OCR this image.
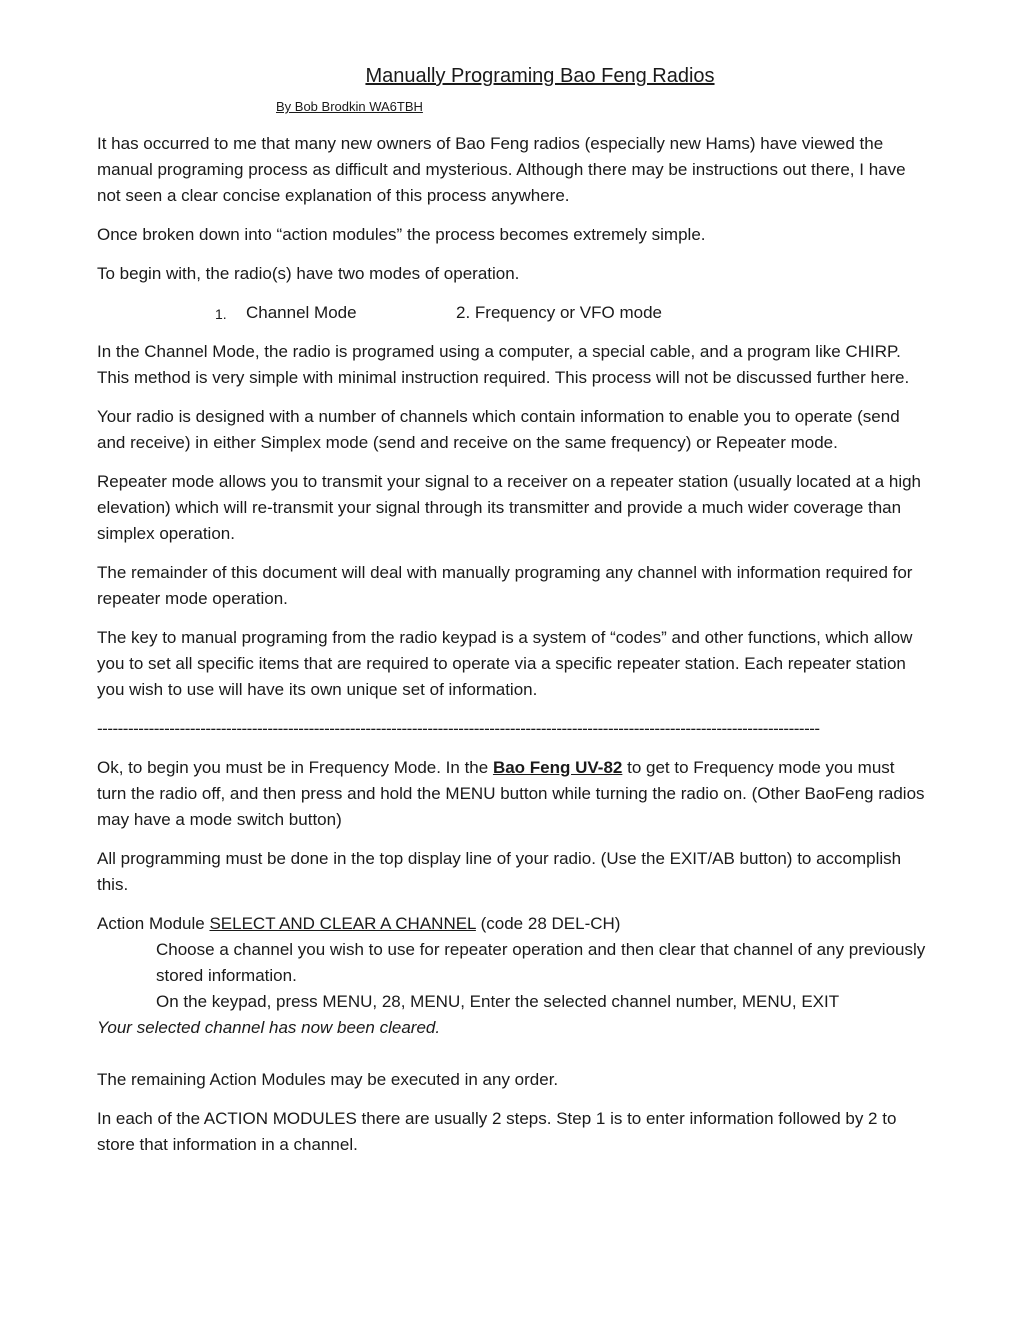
Manually Programing Bao Feng Radios
By Bob Brodkin WA6TBH

It has occurred to me that many new owners of Bao Feng radios (especially new Hams) have viewed the manual programing process as difficult and mysterious. Although there may be instructions out there, I have not seen a clear concise explanation of this process anywhere.

Once broken down into “action modules” the process becomes extremely simple.

To begin with, the radio(s) have two modes of operation.

1. Channel Mode	2. Frequency or VFO mode

In the Channel Mode, the radio is programed using a computer, a special cable, and a program like CHIRP. This method is very simple with minimal instruction required. This process will not be discussed further here.

Your radio is designed with a number of channels which contain information to enable you to operate (send and receive) in either Simplex mode (send and receive on the same frequency) or Repeater mode.

Repeater mode allows you to transmit your signal to a receiver on a repeater station (usually located at a high elevation) which will re-transmit your signal through its transmitter and provide a much wider coverage than simplex operation.

The remainder of this document will deal with manually programing any channel with information required for repeater mode operation.

The key to manual programing from the radio keypad is a system of “codes” and other functions, which allow you to set all specific items that are required to operate via a specific repeater station. Each repeater station you wish to use will have its own unique set of information.

--------------------------------------------------------------------------------------------------------------------------------------------

Ok, to begin you must be in Frequency Mode. In the Bao Feng UV-82 to get to Frequency mode you must turn the radio off, and then press and hold the MENU button while turning the radio on. (Other BaoFeng radios may have a mode switch button)

All programming must be done in the top display line of your radio. (Use the EXIT/AB button) to accomplish this.

Action Module SELECT AND CLEAR A CHANNEL (code 28 DEL-CH)
Choose a channel you wish to use for repeater operation and then clear that channel of any previously stored information.
On the keypad, press MENU, 28, MENU, Enter the selected channel number, MENU, EXIT
Your selected channel has now been cleared.

The remaining Action Modules may be executed in any order.

In each of the ACTION MODULES there are usually 2 steps. Step 1 is to enter information followed by 2 to store that information in a channel.
